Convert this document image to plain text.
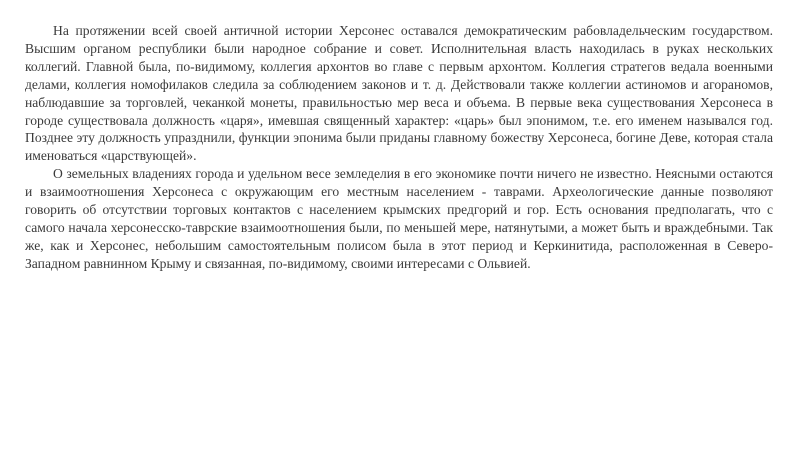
На протяжении всей своей античной истории Херсонес оставался демократическим рабовладельческим государством. Высшим органом республики были народное собрание и совет. Исполнительная власть находилась в руках нескольких коллегий. Главной была, по-видимому, коллегия архонтов во главе с первым архонтом. Коллегия стратегов ведала военными делами, коллегия номофилаков следила за соблюдением законов и т. д. Действовали также коллегии астиномов и агораномов, наблюдавшие за торговлей, чеканкой монеты, правильностью мер веса и объема. В первые века существования Херсонеса в городе существовала должность «царя», имевшая священный характер: «царь» был эпонимом, т.е. его именем назывался год. Позднее эту должность упразднили, функции эпонима были приданы главному божеству Херсонеса, богине Деве, которая стала именоваться «царствующей».

О земельных владениях города и удельном весе земледелия в его экономике почти ничего не известно. Неясными остаются и взаимоотношения Херсонеса с окружающим его местным населением - таврами. Археологические данные позволяют говорить об отсутствии торговых контактов с населением крымских предгорий и гор. Есть основания предполагать, что с самого начала херсонесско-таврские взаимоотношения были, по меньшей мере, натянутыми, а может быть и враждебными. Так же, как и Херсонес, небольшим самостоятельным полисом была в этот период и Керкинитида, расположенная в Северо-Западном равнинном Крыму и связанная, по-видимому, своими интересами с Ольвией.
